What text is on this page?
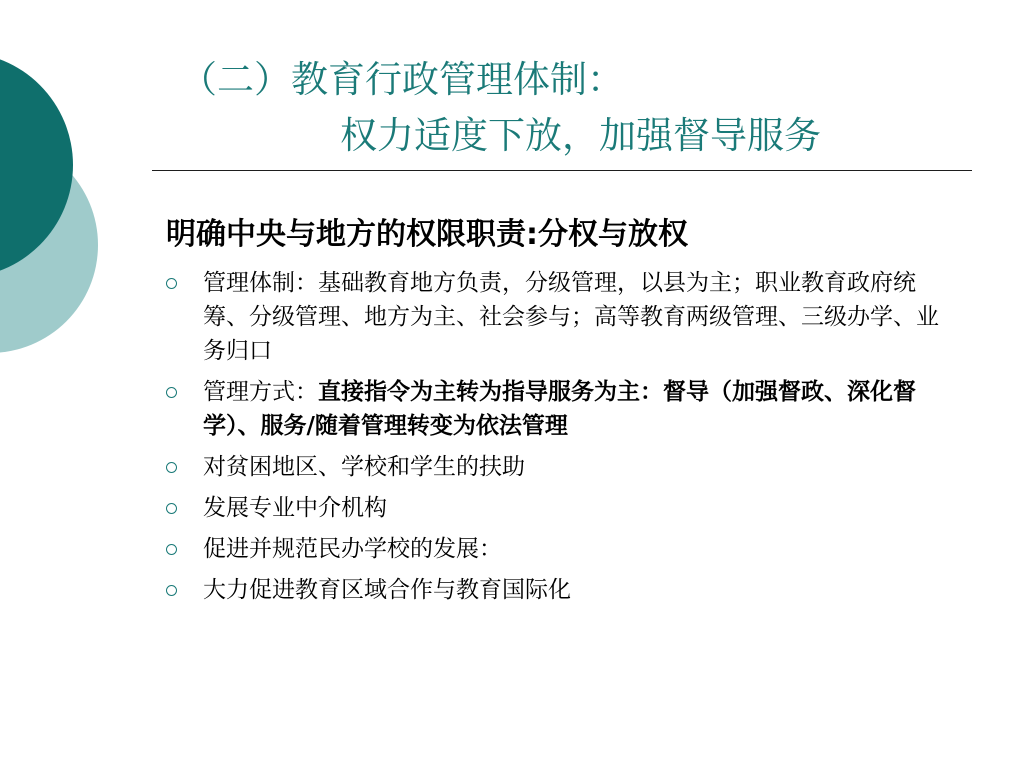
（二）教育行政管理体制：
权力适度下放，加强督导服务
明确中央与地方的权限职责:分权与放权
管理体制：基础教育地方负责，分级管理，以县为主；职业教育政府统筹、分级管理、地方为主、社会参与；高等教育两级管理、三级办学、业务归口
管理方式：直接指令为主转为指导服务为主：督导（加强督政、深化督学）、服务/随着管理转变为依法管理
对贫困地区、学校和学生的扶助
发展专业中介机构
促进并规范民办学校的发展：
大力促进教育区域合作与教育国际化
